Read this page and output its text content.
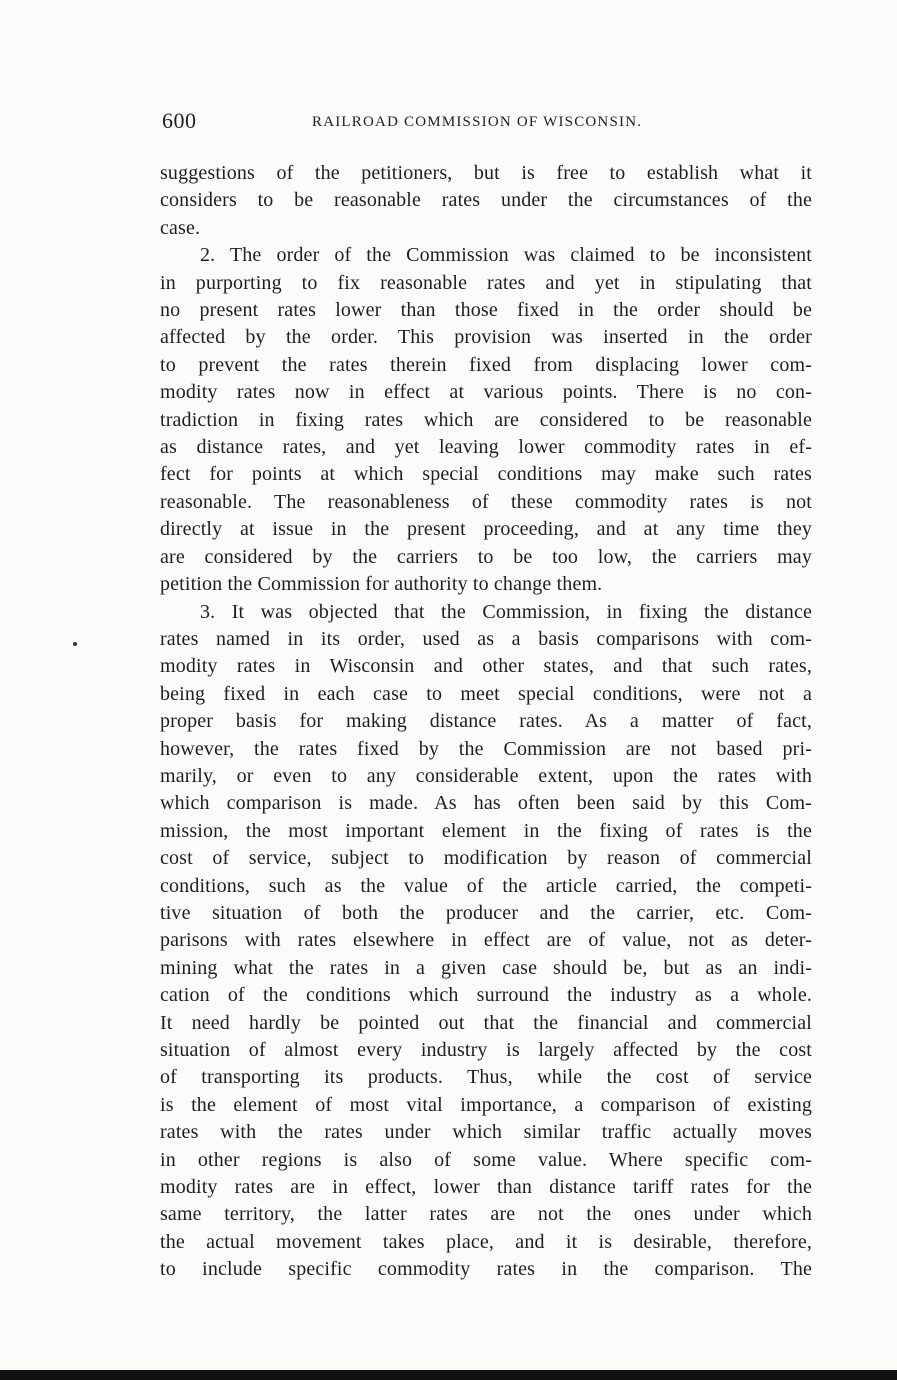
600	RAILROAD COMMISSION OF WISCONSIN.
suggestions of the petitioners, but is free to establish what it
considers to be reasonable rates under the circumstances of the
case.
2. The order of the Commission was claimed to be inconsistent
in purporting to fix reasonable rates and yet in stipulating that
no present rates lower than those fixed in the order should be
affected by the order. This provision was inserted in the order
to prevent the rates therein fixed from displacing lower com-
modity rates now in effect at various points. There is no con-
tradiction in fixing rates which are considered to be reasonable
as distance rates, and yet leaving lower commodity rates in ef-
fect for points at which special conditions may make such rates
reasonable. The reasonableness of these commodity rates is not
directly at issue in the present proceeding, and at any time they
are considered by the carriers to be too low, the carriers may
petition the Commission for authority to change them.
3. It was objected that the Commission, in fixing the distance
rates named in its order, used as a basis comparisons with com-
modity rates in Wisconsin and other states, and that such rates,
being fixed in each case to meet special conditions, were not a
proper basis for making distance rates. As a matter of fact,
however, the rates fixed by the Commission are not based pri-
marily, or even to any considerable extent, upon the rates with
which comparison is made. As has often been said by this Com-
mission, the most important element in the fixing of rates is the
cost of service, subject to modification by reason of commercial
conditions, such as the value of the article carried, the competi-
tive situation of both the producer and the carrier, etc. Com-
parisons with rates elsewhere in effect are of value, not as deter-
mining what the rates in a given case should be, but as an indi-
cation of the conditions which surround the industry as a whole.
It need hardly be pointed out that the financial and commercial
situation of almost every industry is largely affected by the cost
of transporting its products. Thus, while the cost of service
is the element of most vital importance, a comparison of existing
rates with the rates under which similar traffic actually moves
in other regions is also of some value. Where specific com-
modity rates are in effect, lower than distance tariff rates for the
same territory, the latter rates are not the ones under which
the actual movement takes place, and it is desirable, therefore,
to include specific commodity rates in the comparison. The
